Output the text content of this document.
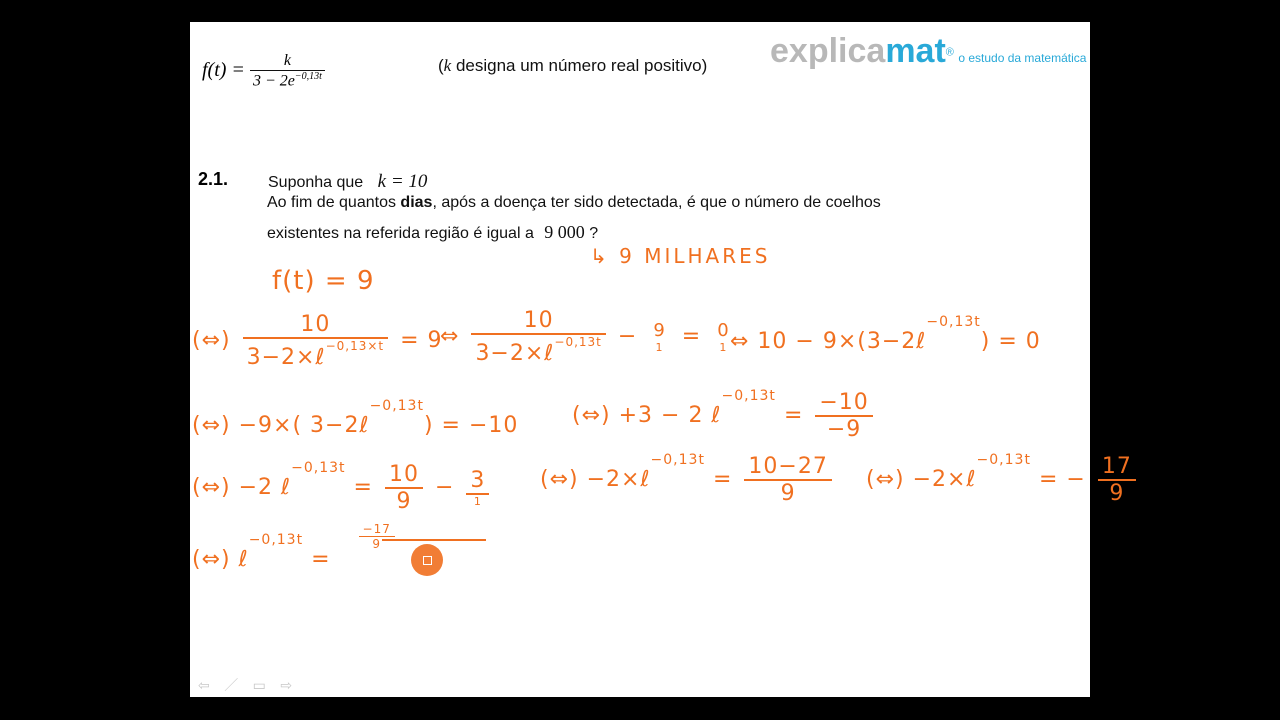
$f(t) = \frac{k}{3 - 2e^{-0,13t}}$	(k designa um número real positivo) explicamat® o estudo da matemática
2.1. Suponha que k = 10
Ao fim de quantos dias, após a doença ter sido detectada, é que o número de coelhos
existentes na referida região é igual a 9 000 ?
↳ 9 MILHARES
f(t) = 9
(⇔) $\frac{10}{3-2\times\ell^{-0,13\times t}} = 9$
⇔ $\frac{10}{3-2\times\ell^{-0,13t}} - 9$
1 = 0
1 ⇔ 10 − 9×(3−2ℓ$^{-0,13t}$) = 0
(⇔) −9×( 3−2ℓ$^{-0,13t}$) = −10 (⇔) +3 − 2 ℓ$^{-0,13t}$ = $\frac{-10}{-9}$
(⇔) −2 ℓ$^{-0,13t}$ = $\frac{10}{9} - \frac{3}{1}$ (⇔) −2×ℓ$^{-0,13t}$ = $\frac{10-27}{9}$ (⇔) −2×ℓ$^{-0,13t}$ = − $\frac{17}{9}$
(⇔) ℓ$^{-0,13t}$ =
$\frac{-17}{9}$
⇦ ／ ▭ ⇨
